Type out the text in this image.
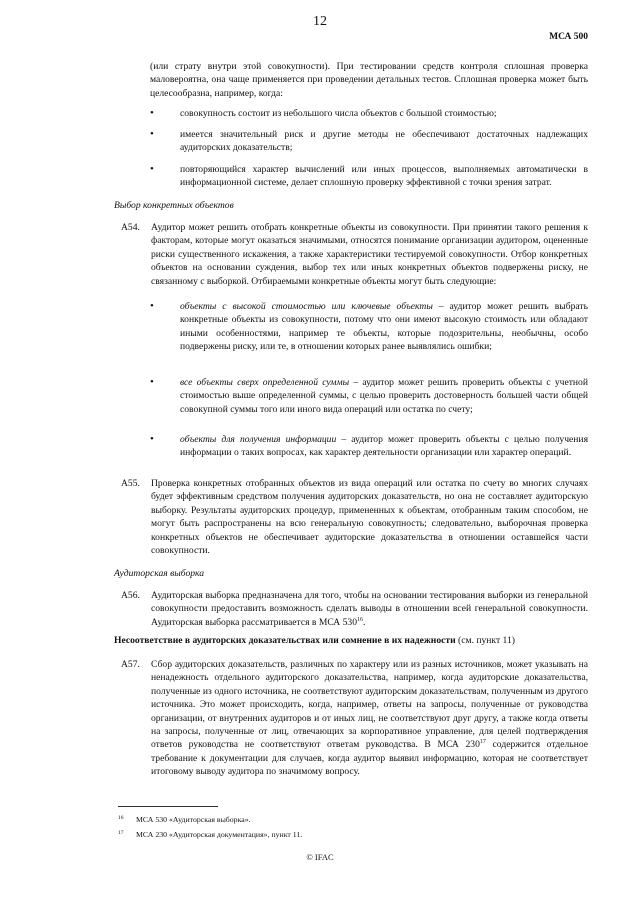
12
МСА 500

(или страту внутри этой совокупности). При тестировании средств контроля сплошная проверка маловероятна, она чаще применяется при проведении детальных тестов. Сплошная проверка может быть целесообразна, например, когда:

•	совокупность состоит из небольшого числа объектов с большой стоимостью;

•	имеется значительный риск и другие методы не обеспечивают достаточных надлежащих аудиторских доказательств;

•	повторяющийся характер вычислений или иных процессов, выполняемых автоматически в информационной системе, делает сплошную проверку эффективной с точки зрения затрат.

Выбор конкретных объектов
A54. Аудитор может решить отобрать конкретные объекты из совокупности. При принятии такого решения к факторам, которые могут оказаться значимыми, относятся понимание организации аудитором, оцененные риски существенного искажения, а также характеристики тестируемой совокупности. Отбор конкретных объектов на основании суждения, выбор тех или иных конкретных объектов подвержены риску, не связанному с выборкой. Отбираемыми конкретные объекты могут быть следующие:

•	объекты с высокой стоимостью или ключевые объекты – аудитор может решить выбрать конкретные объекты из совокупности, потому что они имеют высокую стоимость или обладают иными особенностями, например те объекты, которые подозрительны, необычны, особо подвержены риску, или те, в отношении которых ранее выявлялись ошибки;

•	все объекты сверх определенной суммы – аудитор может решить проверить объекты с учетной стоимостью выше определенной суммы, с целью проверить достоверность большей части общей совокупной суммы того или иного вида операций или остатка по счету;

•	объекты для получения информации – аудитор может проверить объекты с целью получения информации о таких вопросах, как характер деятельности организации или характер операций.

A55. Проверка конкретных отобранных объектов из вида операций или остатка по счету во многих случаях будет эффективным средством получения аудиторских доказательств, но она не составляет аудиторскую выборку. Результаты аудиторских процедур, примененных к объектам, отобранным таким способом, не могут быть распространены на всю генеральную совокупность; следовательно, выборочная проверка конкретных объектов не обеспечивает аудиторские доказательства в отношении оставшейся части совокупности.

Аудиторская выборка
A56. Аудиторская выборка предназначена для того, чтобы на основании тестирования выборки из генеральной совокупности предоставить возможность сделать выводы в отношении всей генеральной совокупности. Аудиторская выборка рассматривается в МСА $530^{16}$.

Несоответствие в аудиторских доказательствах или сомнение в их надежности (см. пункт 11)
A57. Сбор аудиторских доказательств, различных по характеру или из разных источников, может указывать на ненадежность отдельного аудиторского доказательства, например, когда аудиторские доказательства, полученные из одного источника, не соответствуют аудиторским доказательствам, полученным из другого источника. Это может происходить, когда, например, ответы на запросы, полученные от руководства организации, от внутренних аудиторов и от иных лиц, не соответствуют друг другу, а также когда ответы на запросы, полученные от лиц, отвечающих за корпоративное управление, для целей подтверждения ответов руководства не соответствуют ответам руководства. В МСА $230^{17}$ содержится отдельное требование к документации для случаев, когда аудитор выявил информацию, которая не соответствует итоговому выводу аудитора по значимому вопросу.

16 МСА 530 «Аудиторская выборка».
17 МСА 230 «Аудиторская документация», пункт 11.
© IFAC
